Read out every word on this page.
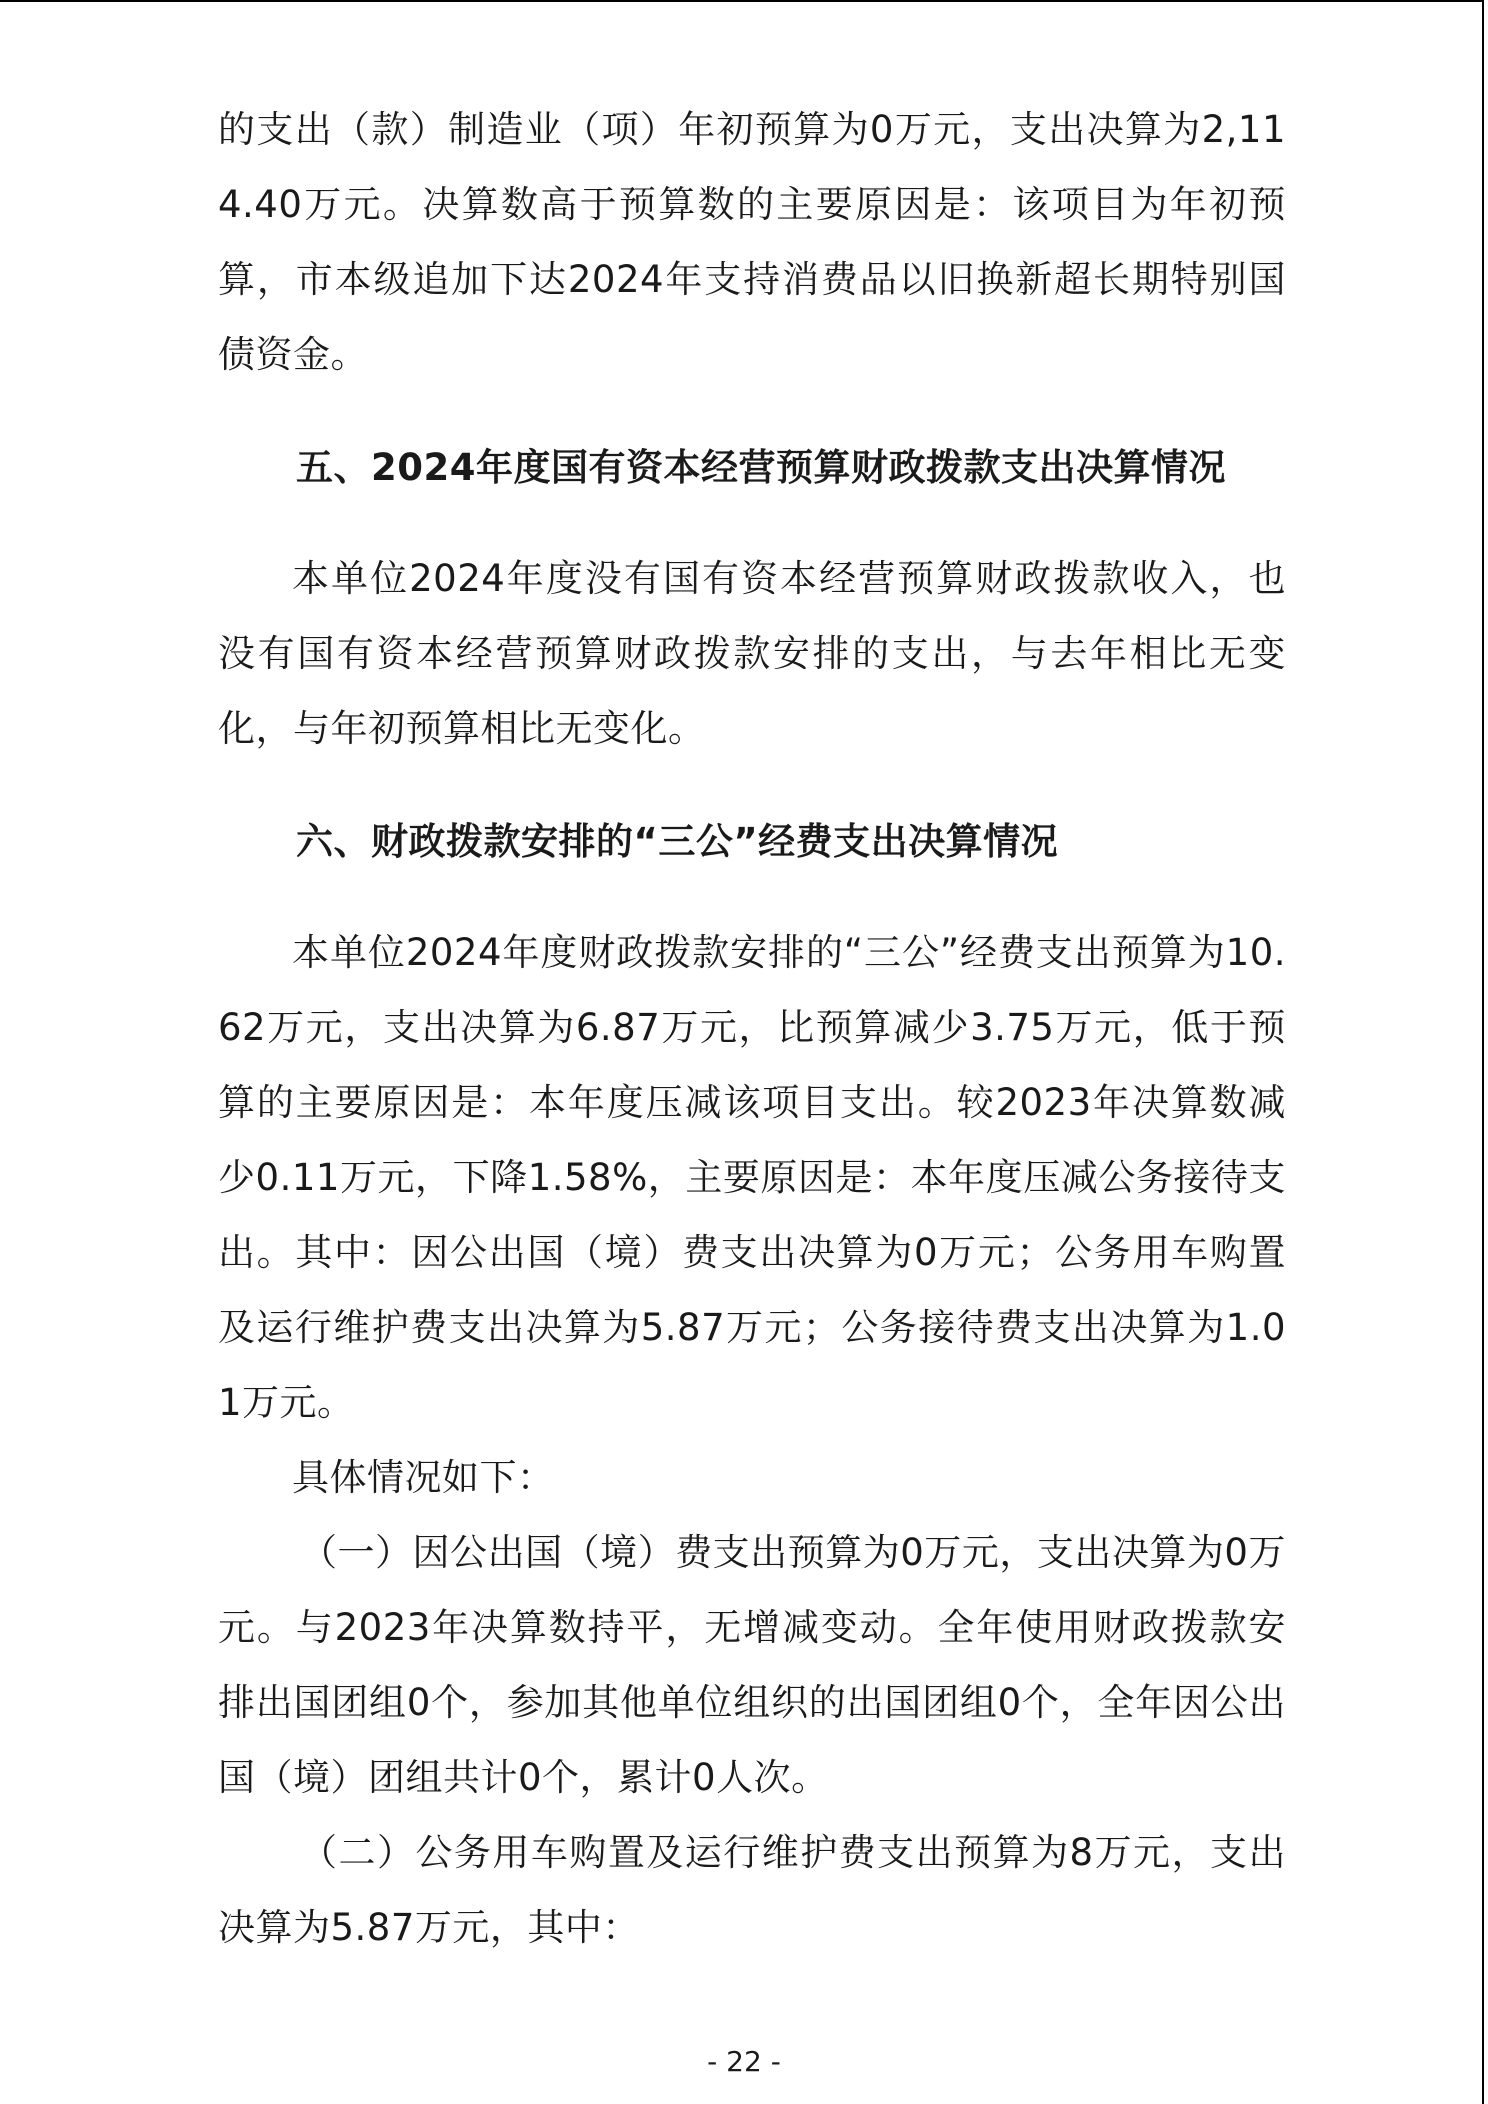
的支出（款）制造业（项）年初预算为0万元，支出决算为2,114.40万元。决算数高于预算数的主要原因是：该项目为年初预算，市本级追加下达2024年支持消费品以旧换新超长期特别国债资金。

五、2024年度国有资本经营预算财政拨款支出决算情况

本单位2024年度没有国有资本经营预算财政拨款收入，也没有国有资本经营预算财政拨款安排的支出，与去年相比无变化，与年初预算相比无变化。

六、财政拨款安排的“三公”经费支出决算情况

本单位2024年度财政拨款安排的“三公”经费支出预算为10.62万元，支出决算为6.87万元，比预算减少3.75万元，低于预算的主要原因是：本年度压减该项目支出。较2023年决算数减少0.11万元，下降1.58%，主要原因是：本年度压减公务接待支出。其中：因公出国（境）费支出决算为0万元；公务用车购置及运行维护费支出决算为5.87万元；公务接待费支出决算为1.01万元。

具体情况如下：

（一）因公出国（境）费支出预算为0万元，支出决算为0万元。与2023年决算数持平，无增减变动。全年使用财政拨款安排出国团组0个，参加其他单位组织的出国团组0个，全年因公出国（境）团组共计0个，累计0人次。

（二）公务用车购置及运行维护费支出预算为8万元，支出决算为5.87万元，其中：

- 22 -
